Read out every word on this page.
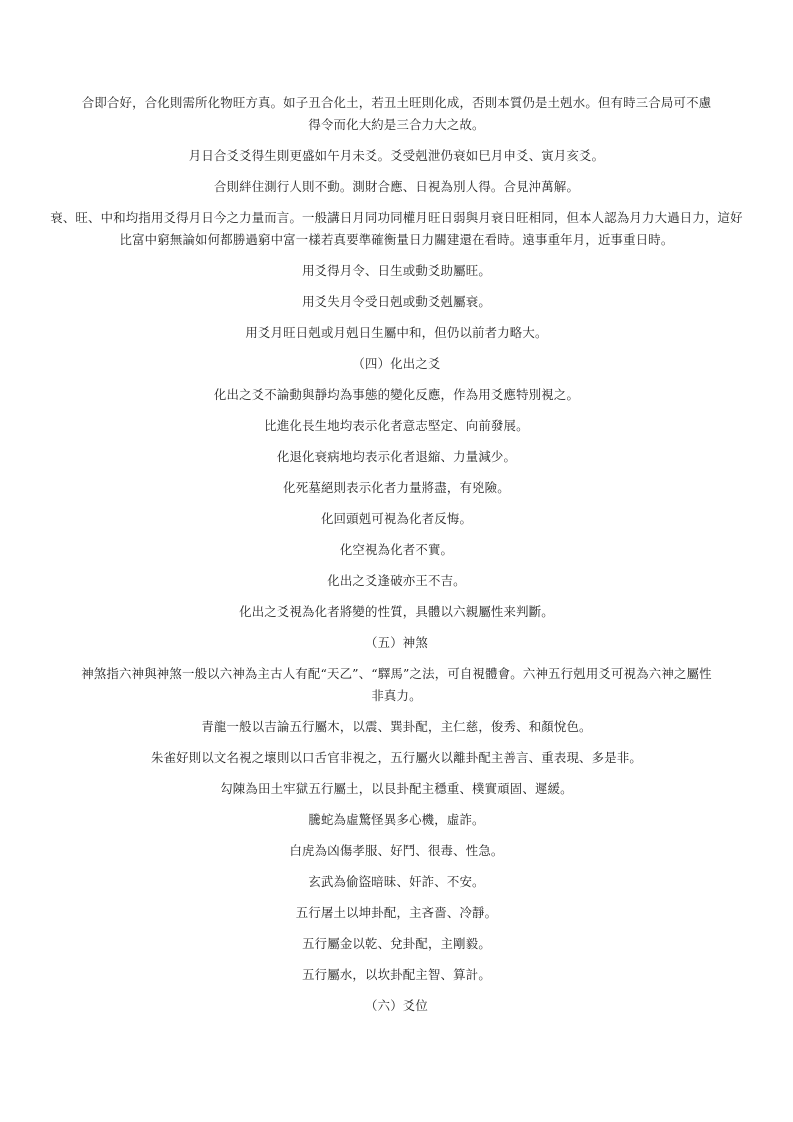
合即合好，合化則需所化物旺方真。如子丑合化土，若丑土旺則化成，否則本質仍是土剋水。但有時三合局可不慮得令而化大約是三合力大之故。

月日合爻爻得生則更盛如午月未爻。爻受剋泄仍衰如巳月申爻、寅月亥爻。

合則絆住測行人則不動。測財合應、日視為別人得。合見沖萬解。

衰、旺、中和均指用爻得月日今之力量而言。一般講日月同功同權月旺日弱與月衰日旺相同，但本人認為月力大過日力，這好比富中窮無論如何都勝過窮中富一樣若真要準確衡量日力關建還在看時。遠事重年月，近事重日時。

用爻得月令、日生或動爻助屬旺。

用爻失月令受日剋或動爻剋屬衰。

用爻月旺日剋或月剋日生屬中和，但仍以前者力略大。

（四）化出之爻

化出之爻不論動與靜均為事態的變化反應，作為用爻應特別視之。

比進化長生地均表示化者意志堅定、向前發展。

化退化衰病地均表示化者退縮、力量減少。

化死墓絕則表示化者力量將盡，有兇險。

化回頭剋可視為化者反悔。

化空視為化者不實。

化出之爻逢破亦王不吉。

化出之爻視為化者將變的性質，具體以六親屬性来判斷。

（五）神煞

神煞指六神與神煞一般以六神為主古人有配“天乙”、“驛馬”之法，可自視體會。六神五行剋用爻可視為六神之屬性非真力。

青龍一般以吉論五行屬木，以震、巽卦配，主仁慈，俊秀、和顏悅色。

朱雀好則以文名視之壞則以口舌官非視之，五行屬火以離卦配主善言、重表現、多是非。

勾陳為田土牢獄五行屬土，以艮卦配主穩重、樸實頑固、遲緩。

騰蛇為虛驚怪異多心機，虛詐。

白虎為凶傷孝服、好鬥、很毒、性急。

玄武為偷盜暗昧、奸詐、不安。

五行屠土以坤卦配，主吝嗇、冷靜。

五行屬金以乾、兌卦配，主剛毅。

五行屬水，以坎卦配主智、算計。

（六）爻位
